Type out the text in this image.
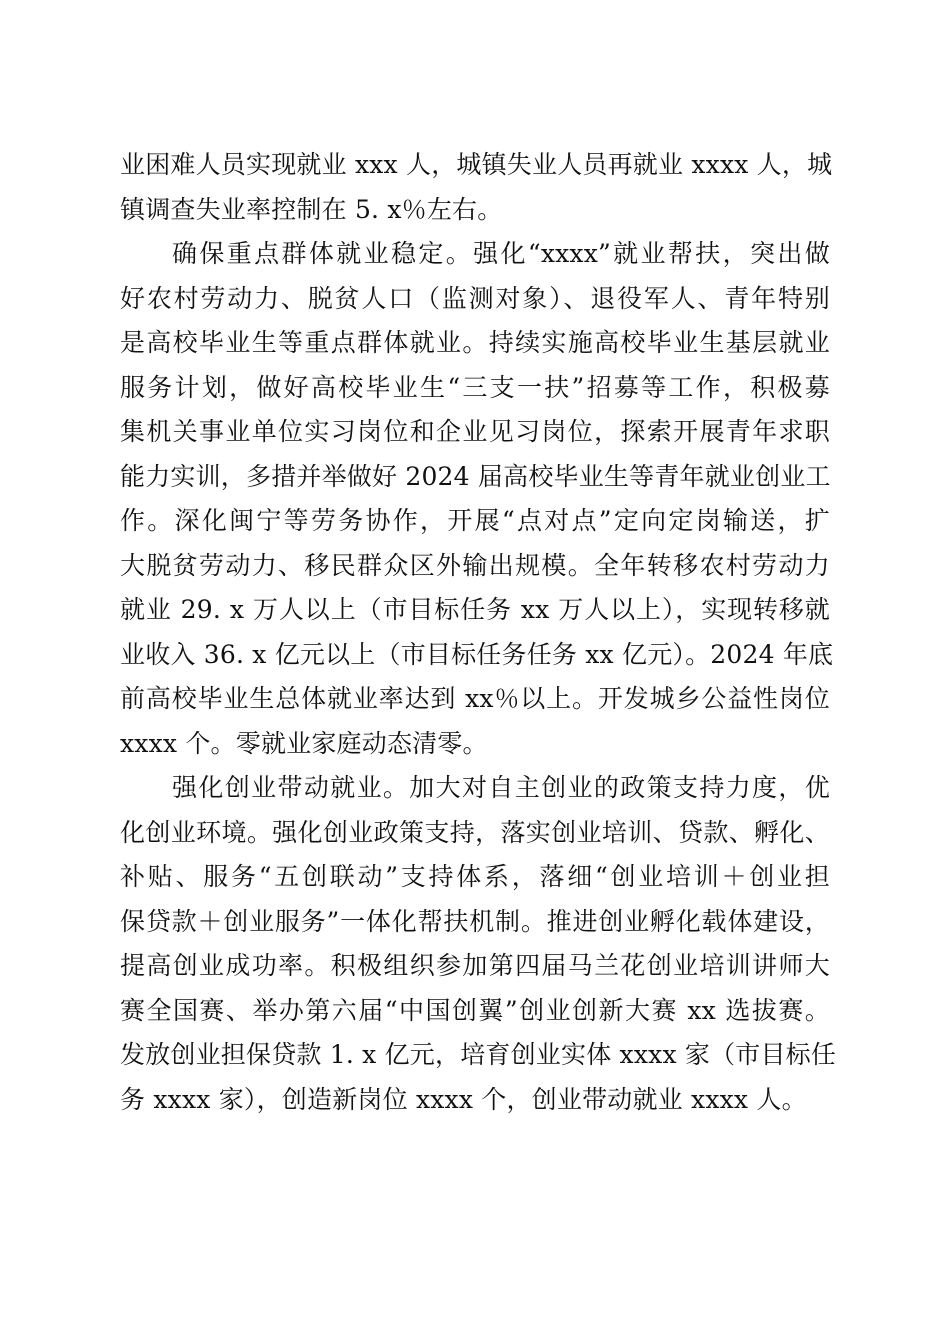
业困难人员实现就业 xxx 人，城镇失业人员再就业 xxxx 人，城
镇调查失业率控制在 5. x％左右。
确保重点群体就业稳定。强化“xxxx”就业帮扶，突出做
好农村劳动力、脱贫人口（监测对象）、退役军人、青年特别
是高校毕业生等重点群体就业。持续实施高校毕业生基层就业
服务计划，做好高校毕业生“三支一扶”招募等工作，积极募
集机关事业单位实习岗位和企业见习岗位，探索开展青年求职
能力实训，多措并举做好 2024 届高校毕业生等青年就业创业工
作。深化闽宁等劳务协作，开展“点对点”定向定岗输送，扩
大脱贫劳动力、移民群众区外输出规模。全年转移农村劳动力
就业 29. x 万人以上（市目标任务 xx 万人以上），实现转移就
业收入 36. x 亿元以上（市目标任务任务 xx 亿元）。2024 年底
前高校毕业生总体就业率达到 xx％以上。开发城乡公益性岗位
xxxx 个。零就业家庭动态清零。
强化创业带动就业。加大对自主创业的政策支持力度，优
化创业环境。强化创业政策支持，落实创业培训、贷款、孵化、
补贴、服务“五创联动”支持体系，落细“创业培训＋创业担
保贷款＋创业服务”一体化帮扶机制。推进创业孵化载体建设，
提高创业成功率。积极组织参加第四届马兰花创业培训讲师大
赛全国赛、举办第六届“中国创翼”创业创新大赛 xx 选拔赛。
发放创业担保贷款 1. x 亿元，培育创业实体 xxxx 家（市目标任
务 xxxx 家），创造新岗位 xxxx 个，创业带动就业 xxxx 人。
